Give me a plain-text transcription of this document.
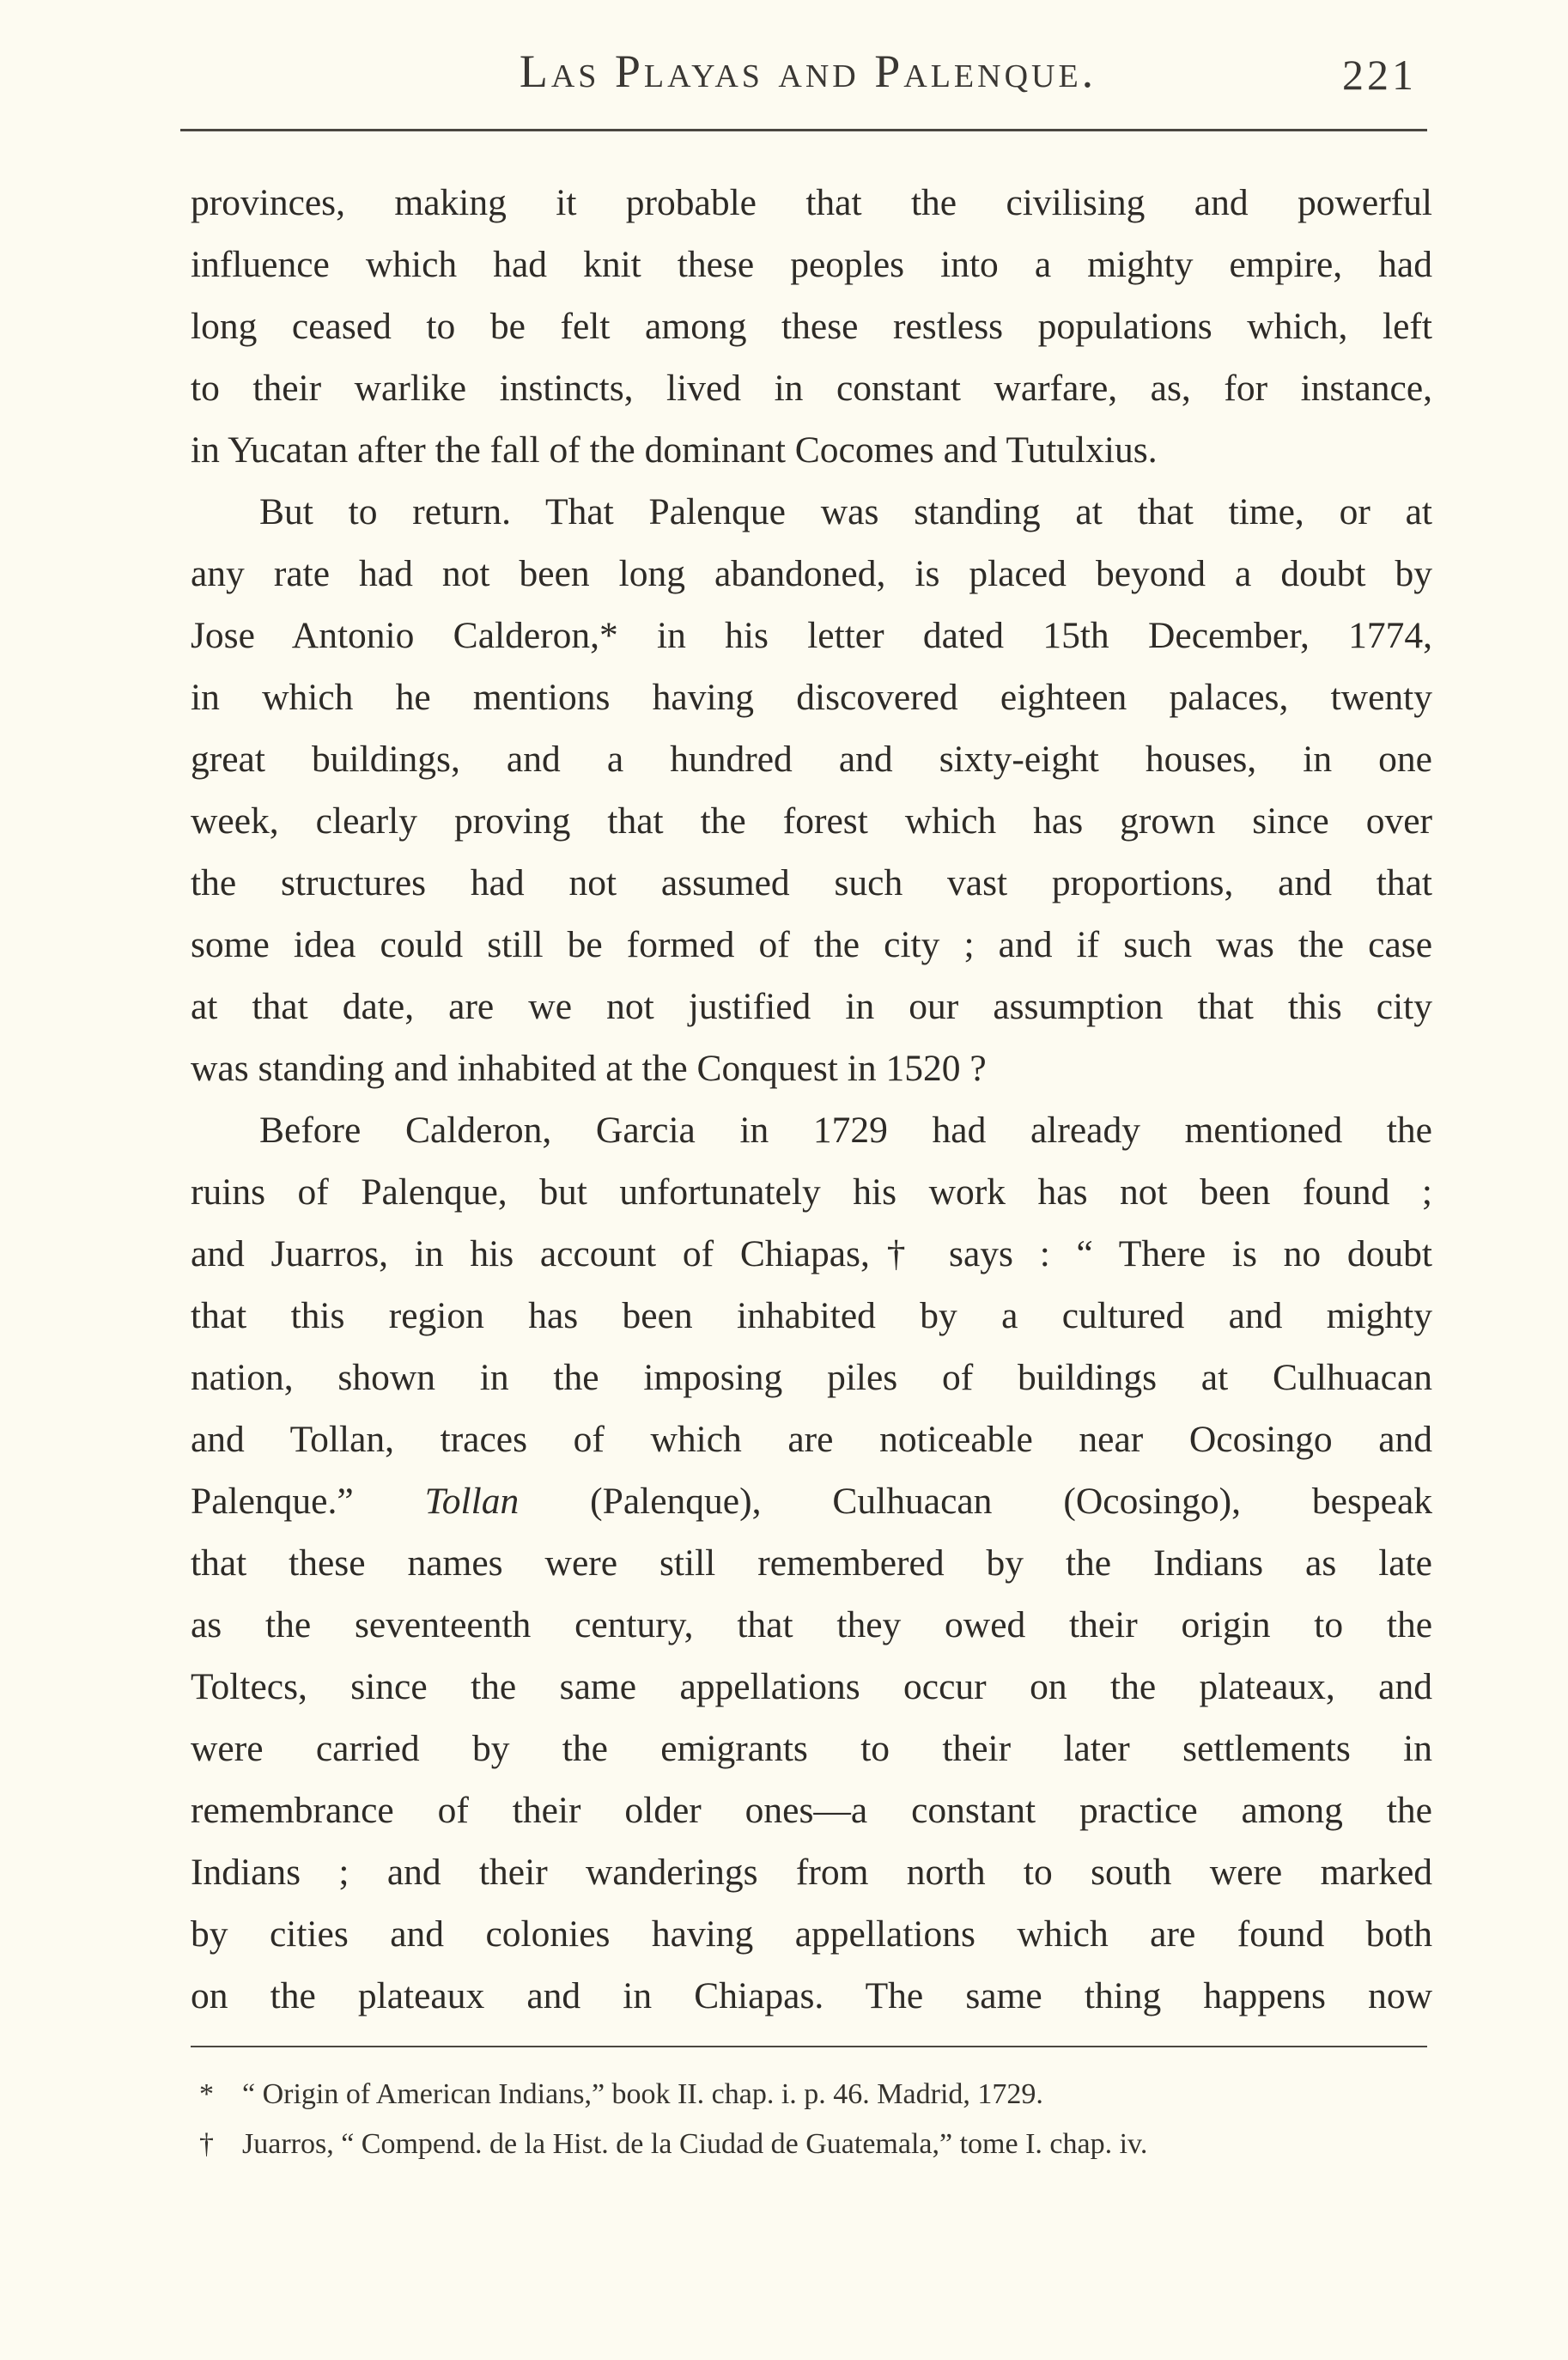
Las Playas and Palenque.	221
provinces, making it probable that the civilising and powerful
influence which had knit these peoples into a mighty empire, had
long ceased to be felt among these restless populations which, left
to their warlike instincts, lived in constant warfare, as, for instance,
in Yucatan after the fall of the dominant Cocomes and Tutulxius.
But to return. That Palenque was standing at that time, or at
any rate had not been long abandoned, is placed beyond a doubt by
Jose Antonio Calderon,* in his letter dated 15th December, 1774,
in which he mentions having discovered eighteen palaces, twenty
great buildings, and a hundred and sixty-eight houses, in one
week, clearly proving that the forest which has grown since over
the structures had not assumed such vast proportions, and that
some idea could still be formed of the city ; and if such was the case
at that date, are we not justified in our assumption that this city
was standing and inhabited at the Conquest in 1520 ?
Before Calderon, Garcia in 1729 had already mentioned the
ruins of Palenque, but unfortunately his work has not been found ;
and Juarros, in his account of Chiapas,† says : “ There is no doubt
that this region has been inhabited by a cultured and mighty
nation, shown in the imposing piles of buildings at Culhuacan
and Tollan, traces of which are noticeable near Ocosingo and
Palenque.” Tollan (Palenque), Culhuacan (Ocosingo), bespeak
that these names were still remembered by the Indians as late
as the seventeenth century, that they owed their origin to the
Toltecs, since the same appellations occur on the plateaux, and
were carried by the emigrants to their later settlements in
remembrance of their older ones—a constant practice among the
Indians ; and their wanderings from north to south were marked
by cities and colonies having appellations which are found both
on the plateaux and in Chiapas. The same thing happens now
* “ Origin of American Indians,” book II. chap. i. p. 46. Madrid, 1729.
† Juarros, “ Compend. de la Hist. de la Ciudad de Guatemala,” tome I. chap. iv.
